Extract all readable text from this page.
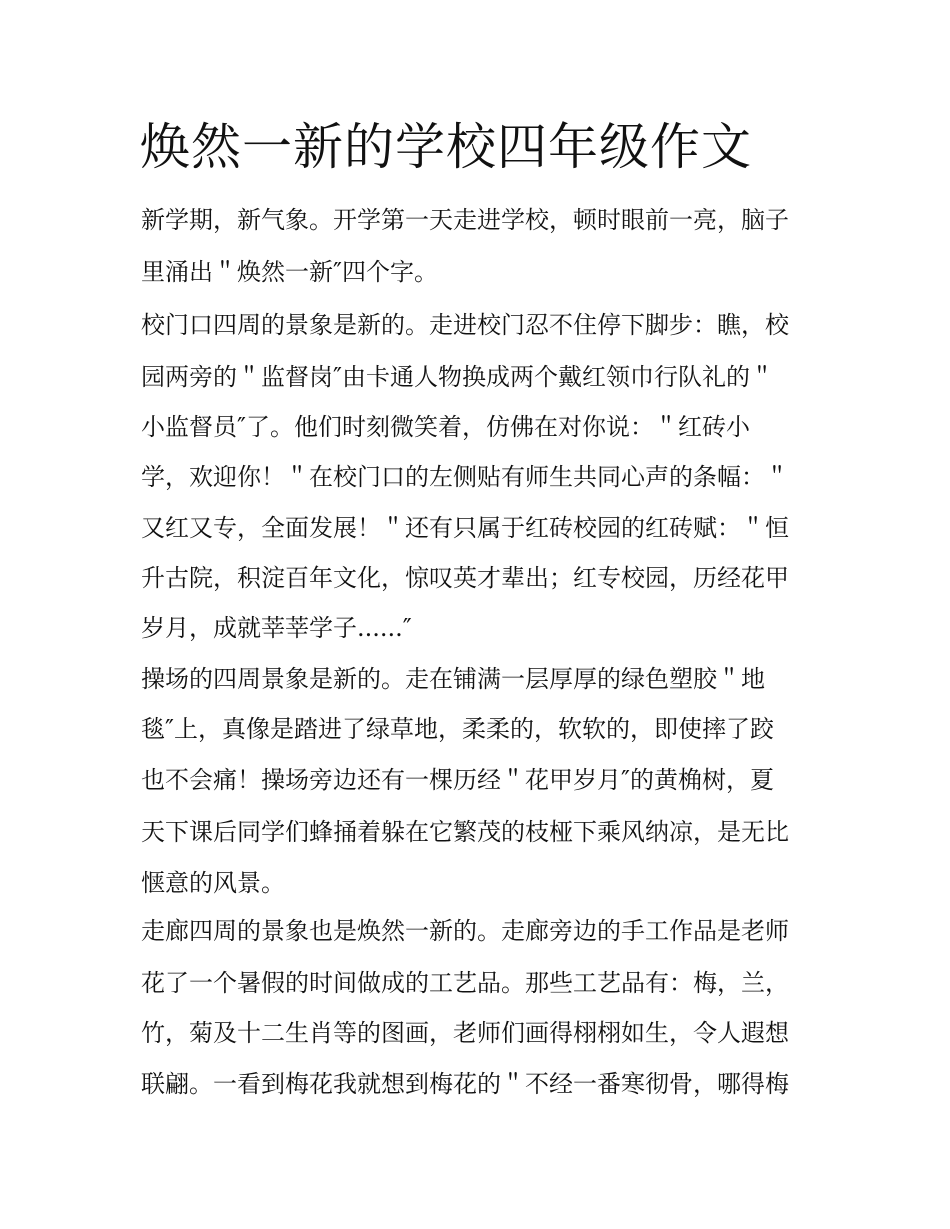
焕然一新的学校四年级作文

新学期，新气象。开学第一天走进学校，顿时眼前一亮，脑子

里涌出＂焕然一新″四个字。

校门口四周的景象是新的。走进校门忍不住停下脚步：瞧，校

园两旁的＂监督岗″由卡通人物换成两个戴红领巾行队礼的＂

小监督员″了。他们时刻微笑着，仿佛在对你说：＂红砖小

学，欢迎你！＂在校门口的左侧贴有师生共同心声的条幅：＂

又红又专，全面发展！＂还有只属于红砖校园的红砖赋：＂恒

升古院，积淀百年文化，惊叹英才辈出；红专校园，历经花甲

岁月，成就莘莘学子......″

操场的四周景象是新的。走在铺满一层厚厚的绿色塑胶＂地

毯″上，真像是踏进了绿草地，柔柔的，软软的，即使摔了跤

也不会痛！操场旁边还有一棵历经＂花甲岁月″的黄桷树，夏

天下课后同学们蜂捅着躲在它繁茂的枝桠下乘风纳凉，是无比

惬意的风景。

走廊四周的景象也是焕然一新的。走廊旁边的手工作品是老师

花了一个暑假的时间做成的工艺品。那些工艺品有：梅，兰，

竹，菊及十二生肖等的图画，老师们画得栩栩如生，令人遐想

联翩。一看到梅花我就想到梅花的＂不经一番寒彻骨，哪得梅
